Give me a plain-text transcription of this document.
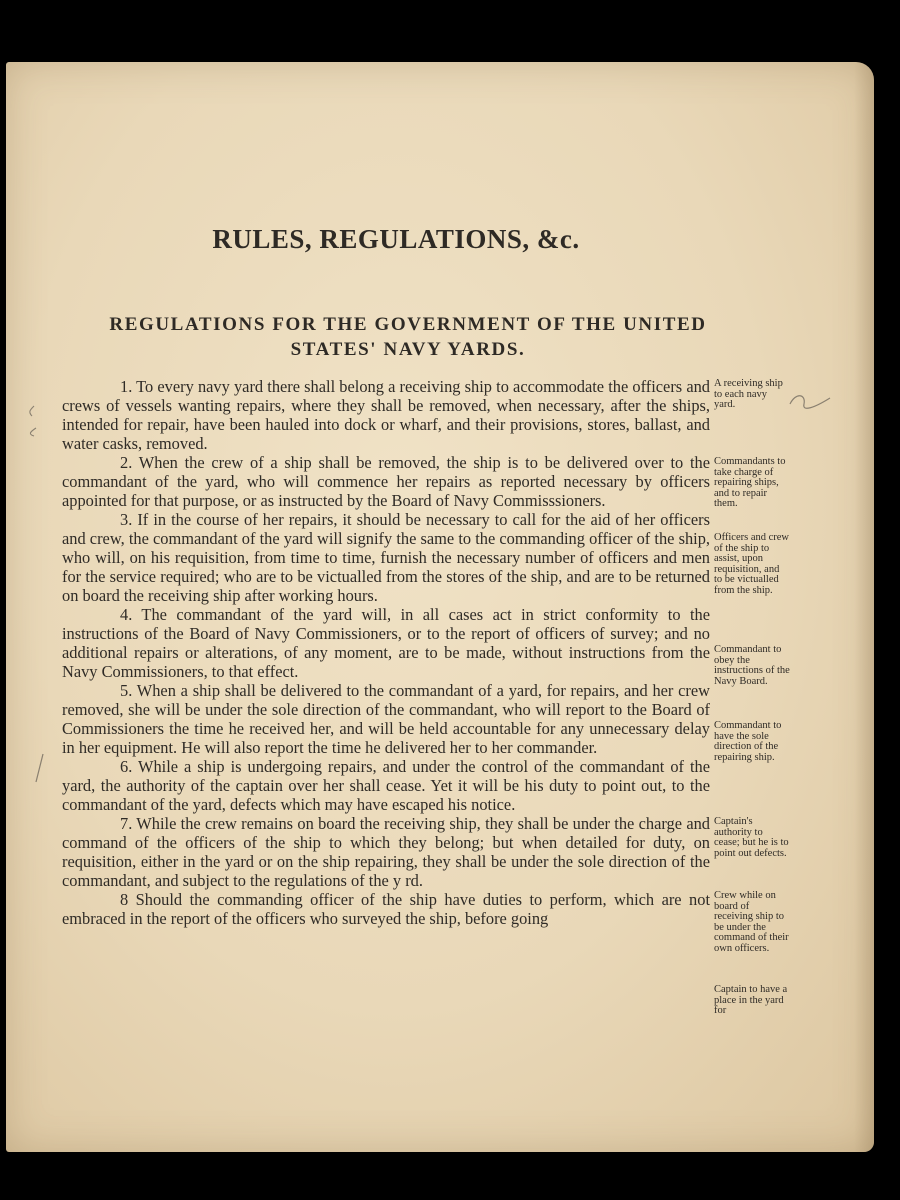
RULES, REGULATIONS, &c.
REGULATIONS FOR THE GOVERNMENT OF THE UNITED
STATES' NAVY YARDS.

1. To every navy yard there shall belong a receiving ship to accommodate the officers and crews of vessels wanting repairs, where they shall be removed, when necessary, after the ships, intended for repair, have been hauled into dock or wharf, and their provisions, stores, ballast, and water casks, removed.

2. When the crew of a ship shall be removed, the ship is to be delivered over to the commandant of the yard, who will commence her repairs as reported necessary by officers appointed for that purpose, or as instructed by the Board of Navy Commisssioners.

3. If in the course of her repairs, it should be necessary to call for the aid of her officers and crew, the commandant of the yard will signify the same to the commanding officer of the ship, who will, on his requisition, from time to time, furnish the necessary number of officers and men for the service required; who are to be victualled from the stores of the ship, and are to be returned on board the receiving ship after working hours.

4. The commandant of the yard will, in all cases act in strict conformity to the instructions of the Board of Navy Commissioners, or to the report of officers of survey; and no additional repairs or alterations, of any moment, are to be made, without instructions from the Navy Commissioners, to that effect.

5. When a ship shall be delivered to the commandant of a yard, for repairs, and her crew removed, she will be under the sole direction of the commandant, who will report to the Board of Commissioners the time he received her, and will be held accountable for any unnecessary delay in her equipment. He will also report the time he delivered her to her commander.

6. While a ship is undergoing repairs, and under the control of the commandant of the yard, the authority of the captain over her shall cease. Yet it will be his duty to point out, to the commandant of the yard, defects which may have escaped his notice.

7. While the crew remains on board the receiving ship, they shall be under the charge and command of the officers of the ship to which they belong; but when detailed for duty, on requisition, either in the yard or on the ship repairing, they shall be under the sole direction of the commandant, and subject to the regulations of the y rd.

8 Should the commanding officer of the ship have duties to perform, which are not embraced in the report of the officers who surveyed the ship, before going

A receiving ship to each navy yard.

Commandants to take charge of repairing ships, and to repair them.

Officers and crew of the ship to assist, upon requisition, and to be victualled from the ship.

Commandant to obey the instructions of the Navy Board.

Commandant to have the sole direction of the repairing ship.

Captain's authority to cease; but he is to point out defects.

Crew while on board of receiving ship to be under the command of their own officers.

Captain to have a place in the yard for
